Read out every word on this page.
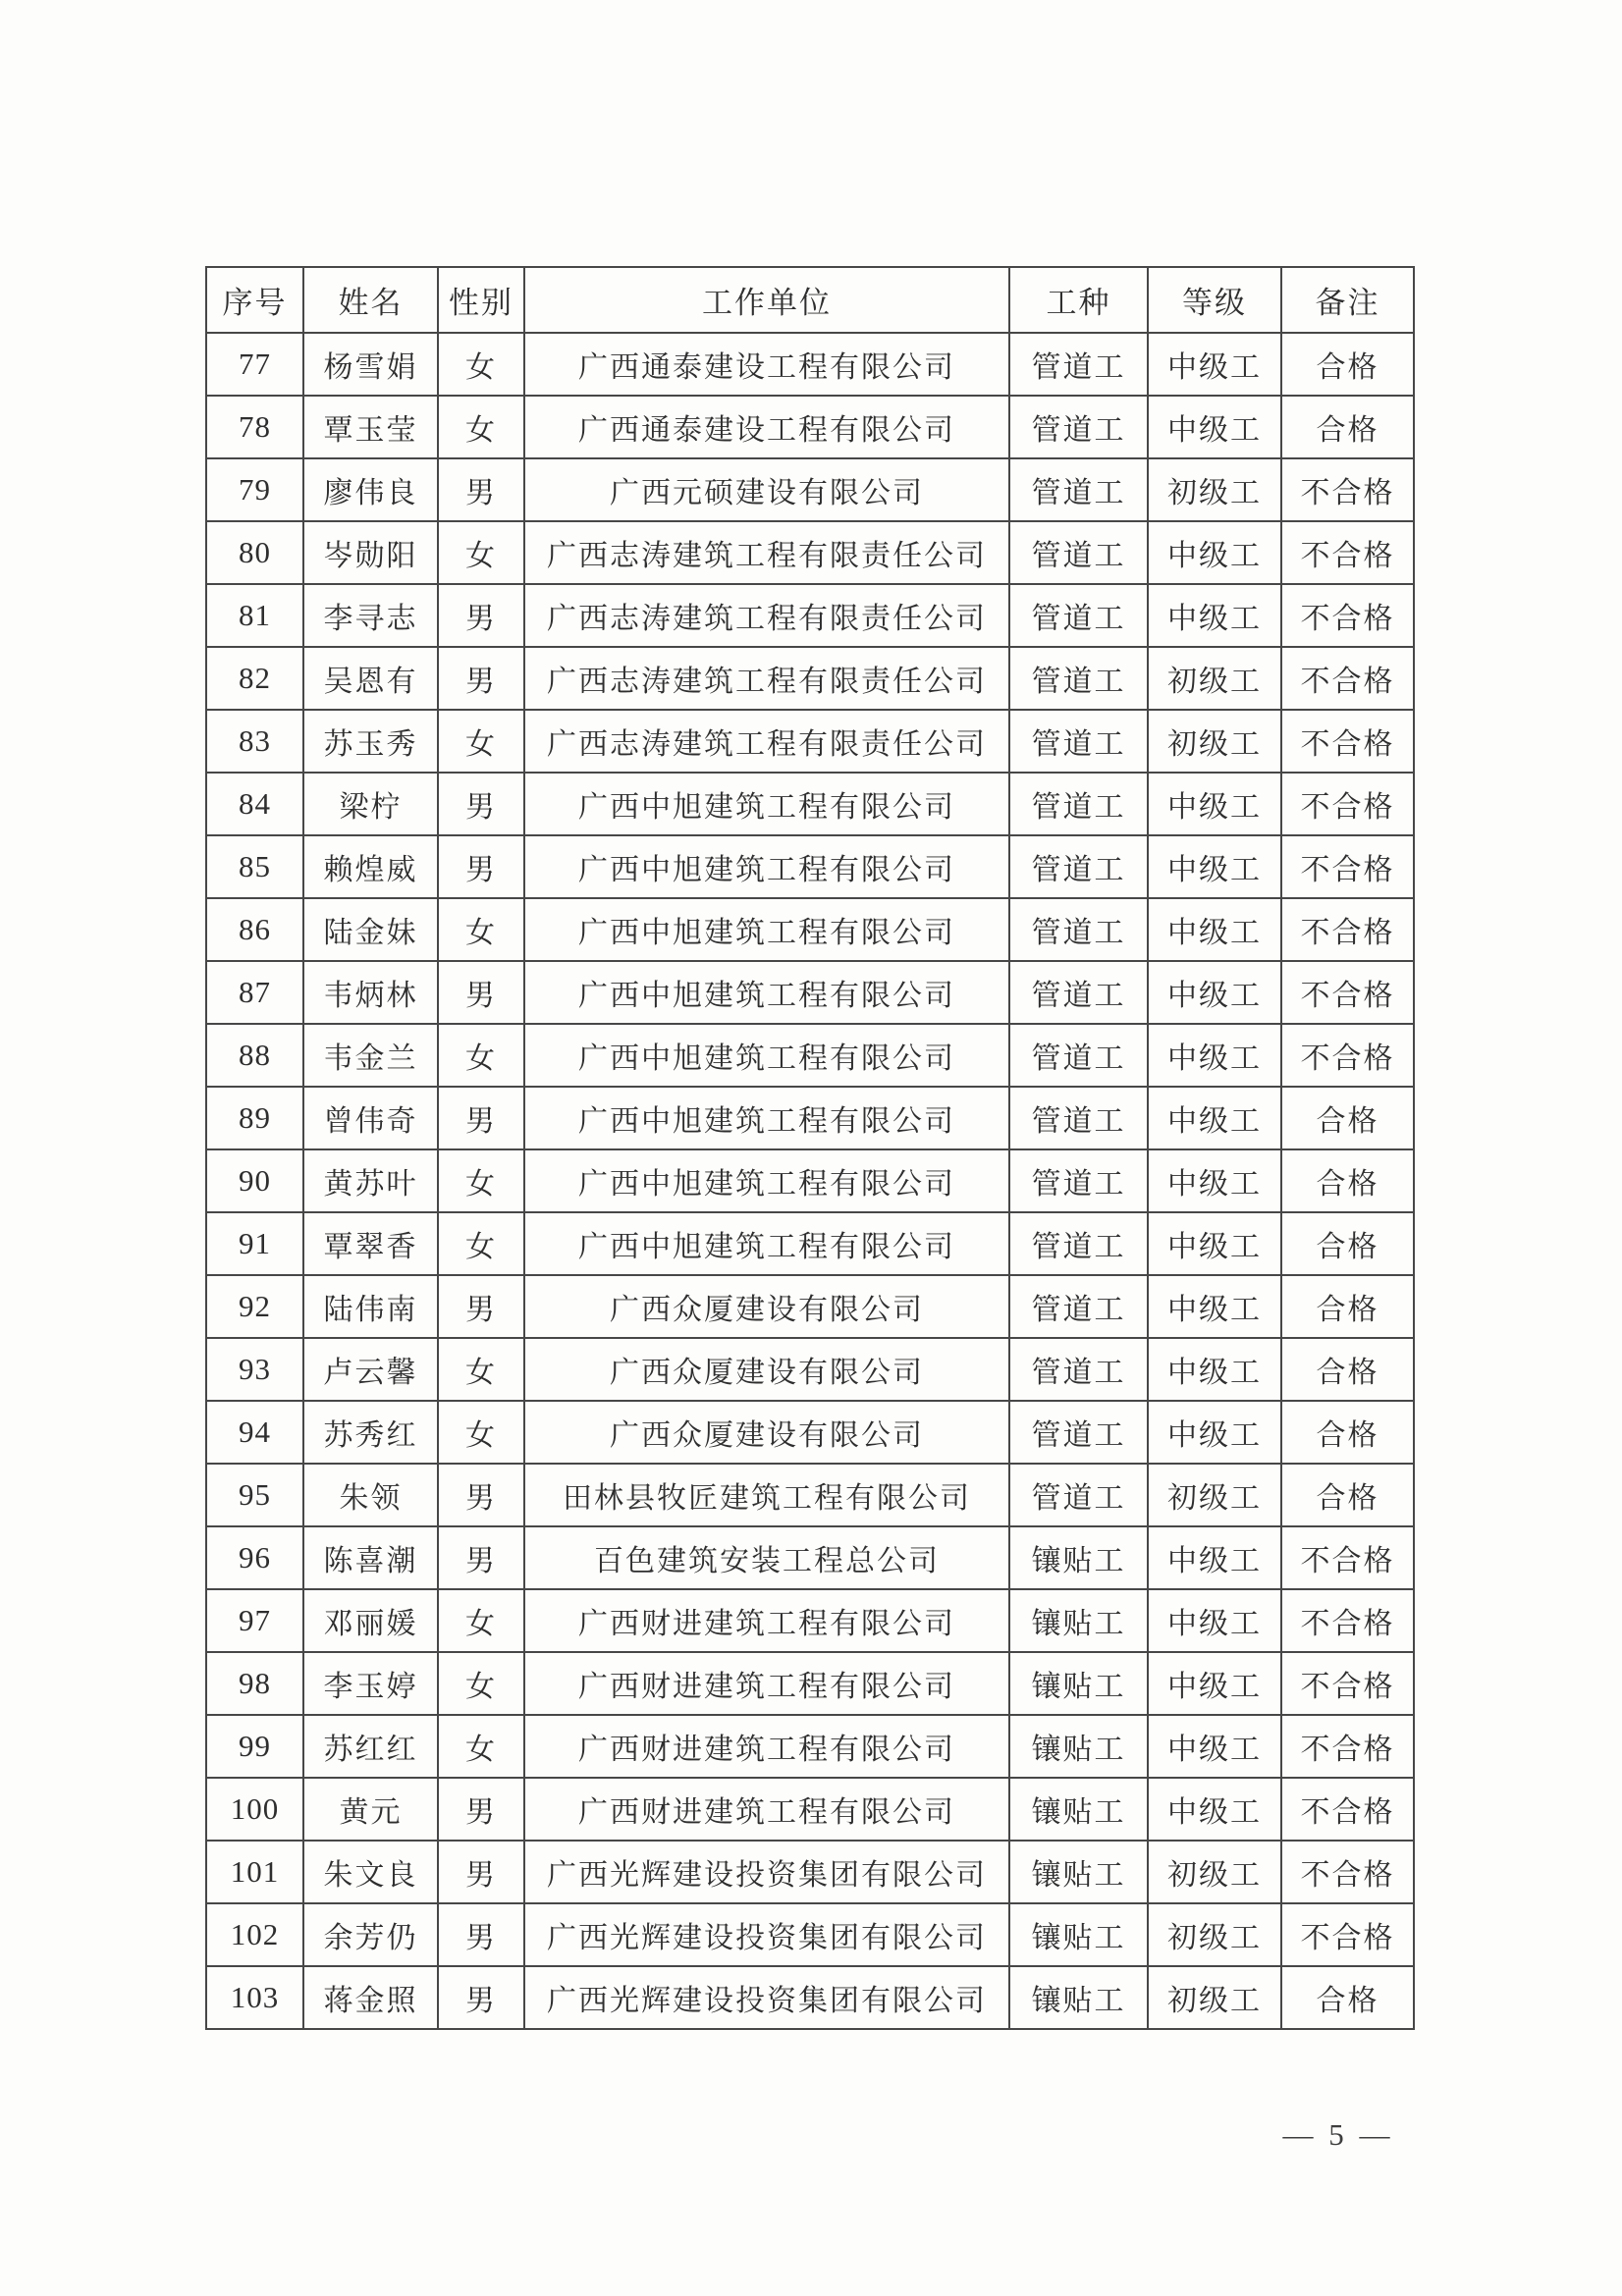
序号	姓名	性别	工作单位	工种	等级	备注
77	杨雪娟	女	广西通泰建设工程有限公司	管道工	中级工	合格
78	覃玉莹	女	广西通泰建设工程有限公司	管道工	中级工	合格
79	廖伟良	男	广西元硕建设有限公司	管道工	初级工	不合格
80	岑勋阳	女	广西志涛建筑工程有限责任公司	管道工	中级工	不合格
81	李寻志	男	广西志涛建筑工程有限责任公司	管道工	中级工	不合格
82	吴恩有	男	广西志涛建筑工程有限责任公司	管道工	初级工	不合格
83	苏玉秀	女	广西志涛建筑工程有限责任公司	管道工	初级工	不合格
84	梁柠	男	广西中旭建筑工程有限公司	管道工	中级工	不合格
85	赖煌威	男	广西中旭建筑工程有限公司	管道工	中级工	不合格
86	陆金妹	女	广西中旭建筑工程有限公司	管道工	中级工	不合格
87	韦炳林	男	广西中旭建筑工程有限公司	管道工	中级工	不合格
88	韦金兰	女	广西中旭建筑工程有限公司	管道工	中级工	不合格
89	曾伟奇	男	广西中旭建筑工程有限公司	管道工	中级工	合格
90	黄苏叶	女	广西中旭建筑工程有限公司	管道工	中级工	合格
91	覃翠香	女	广西中旭建筑工程有限公司	管道工	中级工	合格
92	陆伟南	男	广西众厦建设有限公司	管道工	中级工	合格
93	卢云馨	女	广西众厦建设有限公司	管道工	中级工	合格
94	苏秀红	女	广西众厦建设有限公司	管道工	中级工	合格
95	朱领	男	田林县牧匠建筑工程有限公司	管道工	初级工	合格
96	陈喜潮	男	百色建筑安装工程总公司	镶贴工	中级工	不合格
97	邓丽媛	女	广西财进建筑工程有限公司	镶贴工	中级工	不合格
98	李玉婷	女	广西财进建筑工程有限公司	镶贴工	中级工	不合格
99	苏红红	女	广西财进建筑工程有限公司	镶贴工	中级工	不合格
100	黄元	男	广西财进建筑工程有限公司	镶贴工	中级工	不合格
101	朱文良	男	广西光辉建设投资集团有限公司	镶贴工	初级工	不合格
102	余芳仍	男	广西光辉建设投资集团有限公司	镶贴工	初级工	不合格
103	蒋金照	男	广西光辉建设投资集团有限公司	镶贴工	初级工	合格
— 5 —
